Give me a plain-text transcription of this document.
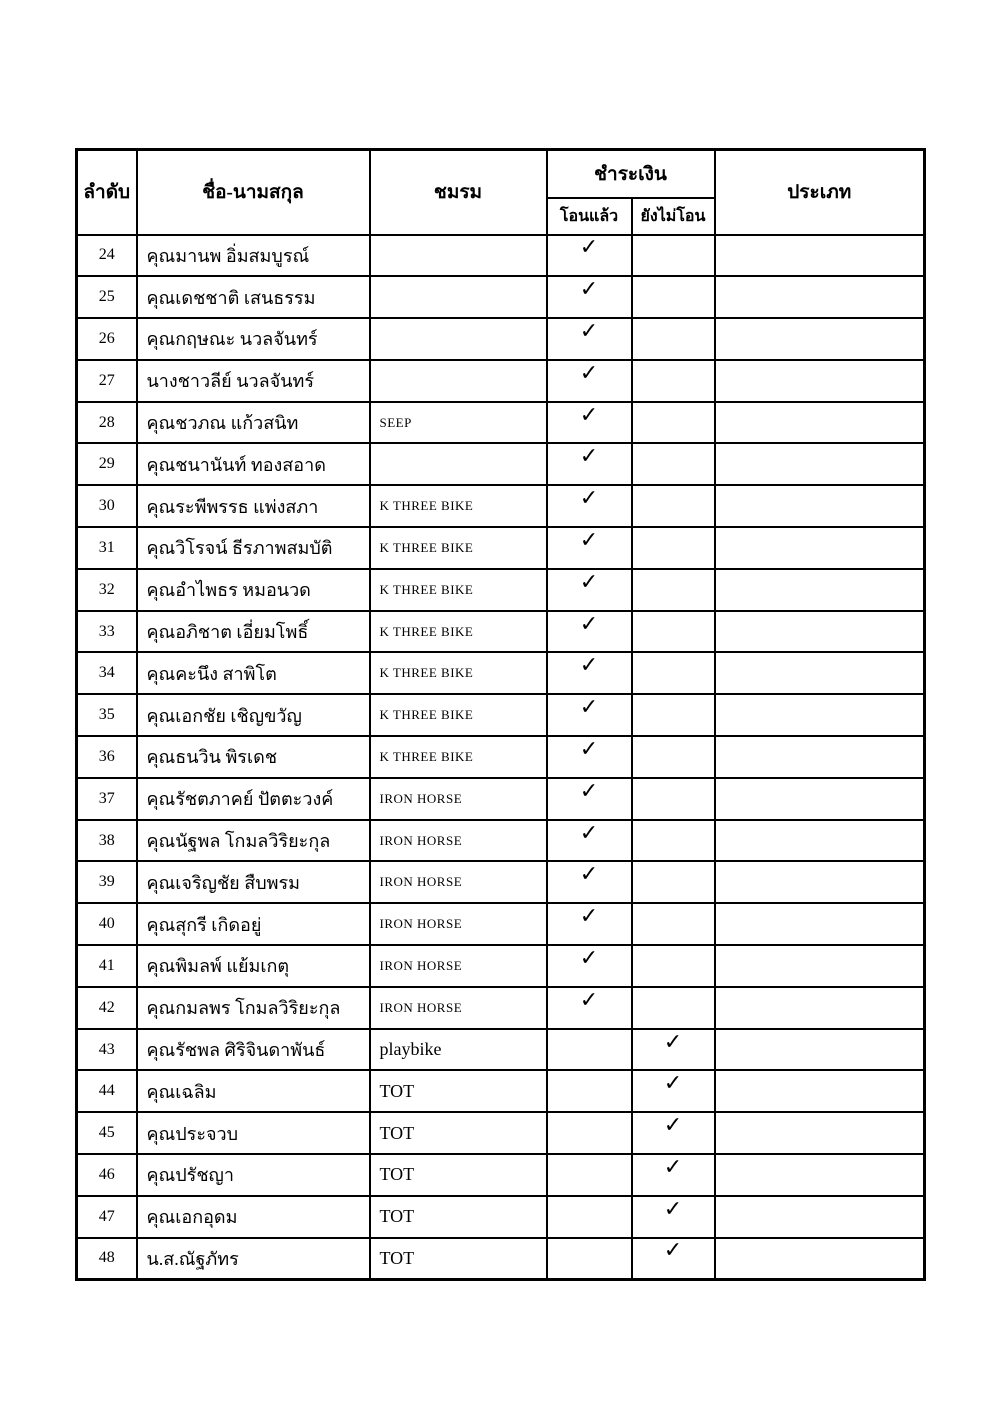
ลำดับ	ชื่อ-นามสกุล	ชมรม	ชำระเงิน		ประเภท
			โอนแล้ว	ยังไม่โอน	
24	คุณมานพ อิ่มสมบูรณ์		✓		
25	คุณเดชชาติ เสนธรรม		✓		
26	คุณกฤษณะ นวลจันทร์		✓		
27	นางชาวลีย์ นวลจันทร์		✓		
28	คุณชวภณ แก้วสนิท	SEEP	✓		
29	คุณชนานันท์ ทองสอาด		✓		
30	คุณระพีพรรธ แพ่งสภา	K THREE BIKE	✓		
31	คุณวิโรจน์ ธีรภาพสมบัติ	K THREE BIKE	✓		
32	คุณอำไพธร หมอนวด	K THREE BIKE	✓		
33	คุณอภิชาต เอี่ยมโพธิ์	K THREE BIKE	✓		
34	คุณคะนึง สาพิโต	K THREE BIKE	✓		
35	คุณเอกชัย เชิญขวัญ	K THREE BIKE	✓		
36	คุณธนวิน พิรเดช	K THREE BIKE	✓		
37	คุณรัชตภาคย์ ปัตตะวงค์	IRON HORSE	✓		
38	คุณนัฐพล โกมลวิริยะกุล	IRON HORSE	✓		
39	คุณเจริญชัย สืบพรม	IRON HORSE	✓		
40	คุณสุกรี เกิดอยู่	IRON HORSE	✓		
41	คุณพิมลพ์ แย้มเกตุ	IRON HORSE	✓		
42	คุณกมลพร โกมลวิริยะกุล	IRON HORSE	✓		
43	คุณรัชพล ศิริจินดาพันธ์	playbike		✓	
44	คุณเฉลิม	TOT		✓	
45	คุณประจวบ	TOT		✓	
46	คุณปรัชญา	TOT		✓	
47	คุณเอกอุดม	TOT		✓	
48	น.ส.ณัฐภัทร	TOT		✓	
